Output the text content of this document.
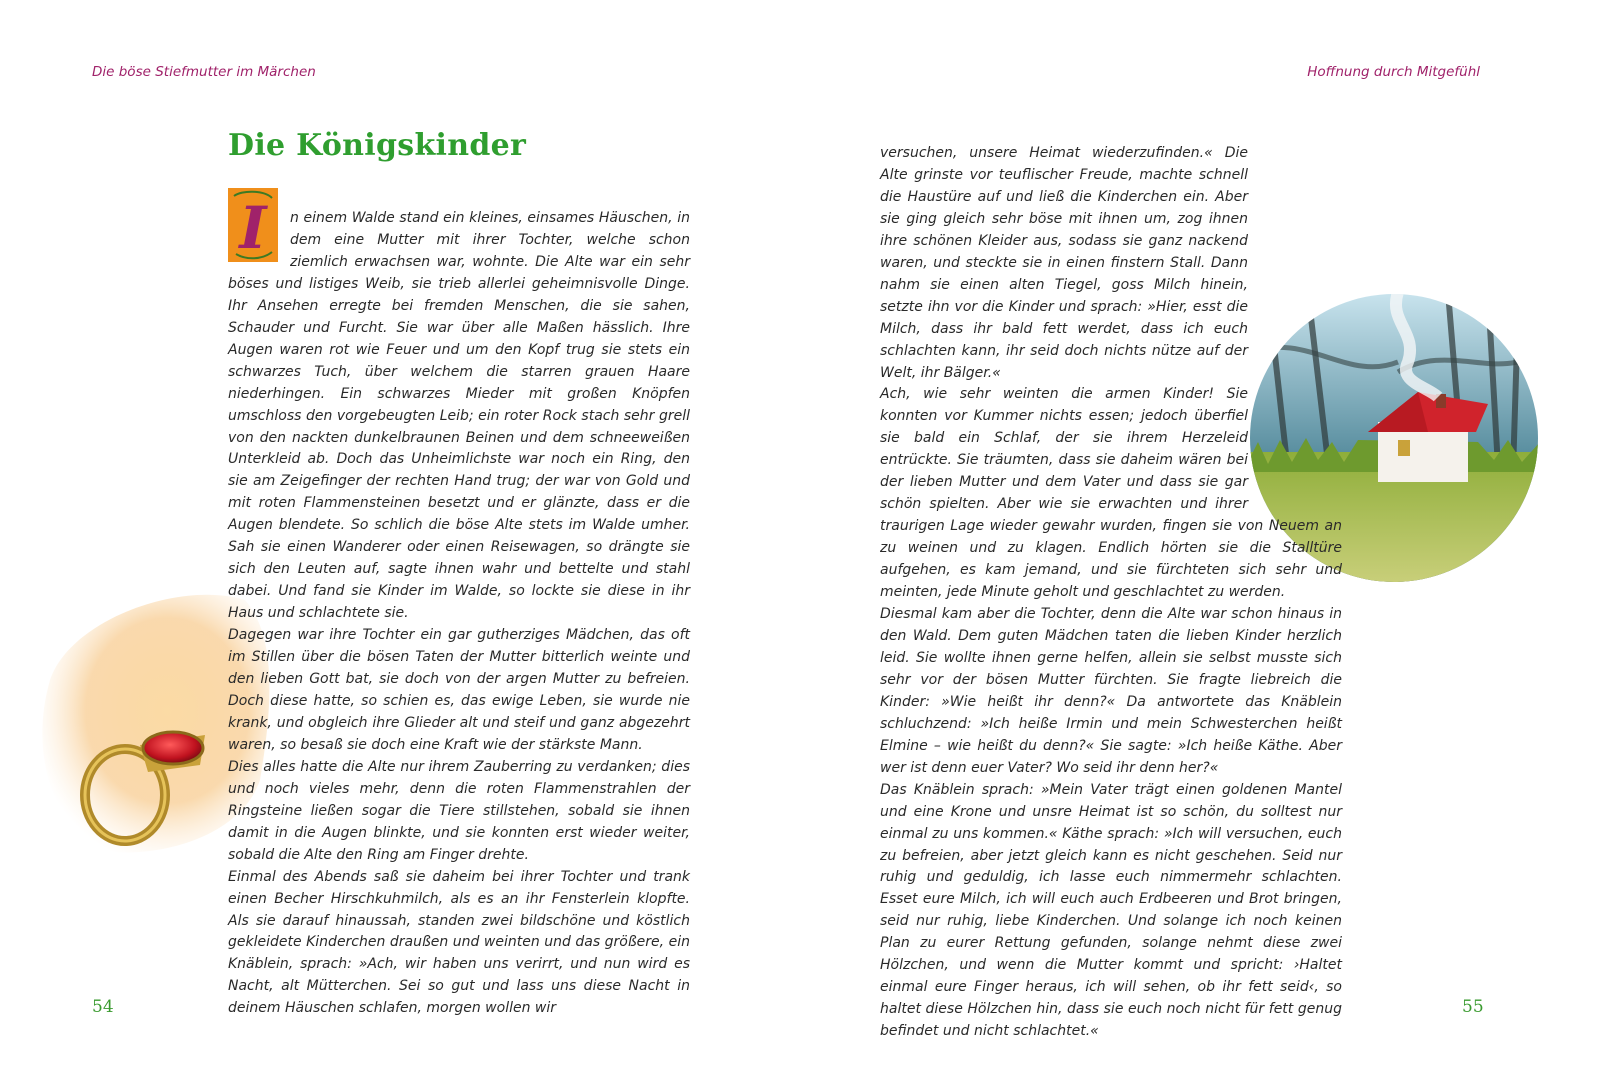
Die böse Stiefmutter im Märchen	Hoffnung durch Mitgefühl
Die Königskinder
I	n einem Walde stand ein kleines, einsames Häuschen, in dem eine Mutter mit ihrer Tochter, welche schon ziemlich erwachsen war, wohnte. Die Alte war ein sehr böses und listiges Weib, sie trieb allerlei geheimnisvolle Dinge. Ihr Ansehen erregte bei fremden Menschen, die sie sahen, Schauder und Furcht. Sie war über alle Maßen hässlich. Ihre Augen waren rot wie Feuer und um den Kopf trug sie stets ein schwarzes Tuch, über welchem die starren grauen Haare niederhingen. Ein schwarzes Mieder mit großen Knöpfen umschloss den vorgebeugten Leib; ein roter Rock stach sehr grell von den nackten dunkelbraunen Beinen und dem schneeweißen Unterkleid ab. Doch das Unheimlichste war noch ein Ring, den sie am Zeigefinger der rechten Hand trug; der war von Gold und mit roten Flammensteinen besetzt und er glänzte, dass er die Augen blendete. So schlich die böse Alte stets im Walde umher. Sah sie einen Wanderer oder einen Reisewagen, so drängte sie sich den Leuten auf, sagte ihnen wahr und bettelte und stahl dabei. Und fand sie Kinder im Walde, so lockte sie diese in ihr Haus und schlachtete sie.

Dagegen war ihre Tochter ein gar gutherziges Mädchen, das oft im Stillen über die bösen Taten der Mutter bitterlich weinte und den lieben Gott bat, sie doch von der argen Mutter zu befreien. Doch diese hatte, so schien es, das ewige Leben, sie wurde nie krank, und obgleich ihre Glieder alt und steif und ganz abgezehrt waren, so besaß sie doch eine Kraft wie der stärkste Mann.

Dies alles hatte die Alte nur ihrem Zauberring zu verdanken; dies und noch vieles mehr, denn die roten Flammenstrahlen der Ringsteine ließen sogar die Tiere stillstehen, sobald sie ihnen damit in die Augen blinkte, und sie konnten erst wieder weiter, sobald die Alte den Ring am Finger drehte.

Einmal des Abends saß sie daheim bei ihrer Tochter und trank einen Becher Hirschkuhmilch, als es an ihr Fensterlein klopfte. Als sie darauf hinaussah, standen zwei bildschöne und köstlich gekleidete Kinderchen draußen und weinten und das größere, ein Knäblein, sprach: »Ach, wir haben uns verirrt, und nun wird es Nacht, alt Mütterchen. Sei so gut und lass uns diese Nacht in deinem Häuschen schlafen, morgen wollen wir

versuchen, unsere Heimat wiederzufinden.« Die Alte grinste vor teuflischer Freude, machte schnell die Haustüre auf und ließ die Kinderchen ein. Aber sie ging gleich sehr böse mit ihnen um, zog ihnen ihre schönen Kleider aus, sodass sie ganz nackend waren, und steckte sie in einen finstern Stall. Dann nahm sie einen alten Tiegel, goss Milch hinein, setzte ihn vor die Kinder und sprach: »Hier, esst die Milch, dass ihr bald fett werdet, dass ich euch schlachten kann, ihr seid doch nichts nütze auf der Welt, ihr Bälger.«

Ach, wie sehr weinten die armen Kinder! Sie konnten vor Kummer nichts essen; jedoch überfiel sie bald ein Schlaf, der sie ihrem Herzeleid entrückte. Sie träumten, dass sie daheim wären bei der lieben Mutter und dem Vater und dass sie gar schön spielten. Aber wie sie erwachten und ihrer traurigen Lage wieder gewahr wurden, fingen sie von Neuem an zu weinen und zu klagen. Endlich hörten sie die Stalltüre aufgehen, es kam jemand, und sie fürchteten sich sehr und meinten, jede Minute geholt und geschlachtet zu werden.

Diesmal kam aber die Tochter, denn die Alte war schon hinaus in den Wald. Dem guten Mädchen taten die lieben Kinder herzlich leid. Sie wollte ihnen gerne helfen, allein sie selbst musste sich sehr vor der bösen Mutter fürchten. Sie fragte liebreich die Kinder: »Wie heißt ihr denn?« Da antwortete das Knäblein schluchzend: »Ich heiße Irmin und mein Schwesterchen heißt Elmine – wie heißt du denn?« Sie sagte: »Ich heiße Käthe. Aber wer ist denn euer Vater? Wo seid ihr denn her?«

Das Knäblein sprach: »Mein Vater trägt einen goldenen Mantel und eine Krone und unsre Heimat ist so schön, du solltest nur einmal zu uns kommen.« Käthe sprach: »Ich will versuchen, euch zu befreien, aber jetzt gleich kann es nicht geschehen. Seid nur ruhig und geduldig, ich lasse euch nimmermehr schlachten. Esset eure Milch, ich will euch auch Erdbeeren und Brot bringen, seid nur ruhig, liebe Kinderchen. Und solange ich noch keinen Plan zu eurer Rettung gefunden, solange nehmt diese zwei Hölzchen, und wenn die Mutter kommt und spricht: ›Haltet einmal eure Finger heraus, ich will sehen, ob ihr fett seid‹, so haltet diese Hölzchen hin, dass sie euch noch nicht für fett genug befindet und nicht schlachtet.«

54	55
